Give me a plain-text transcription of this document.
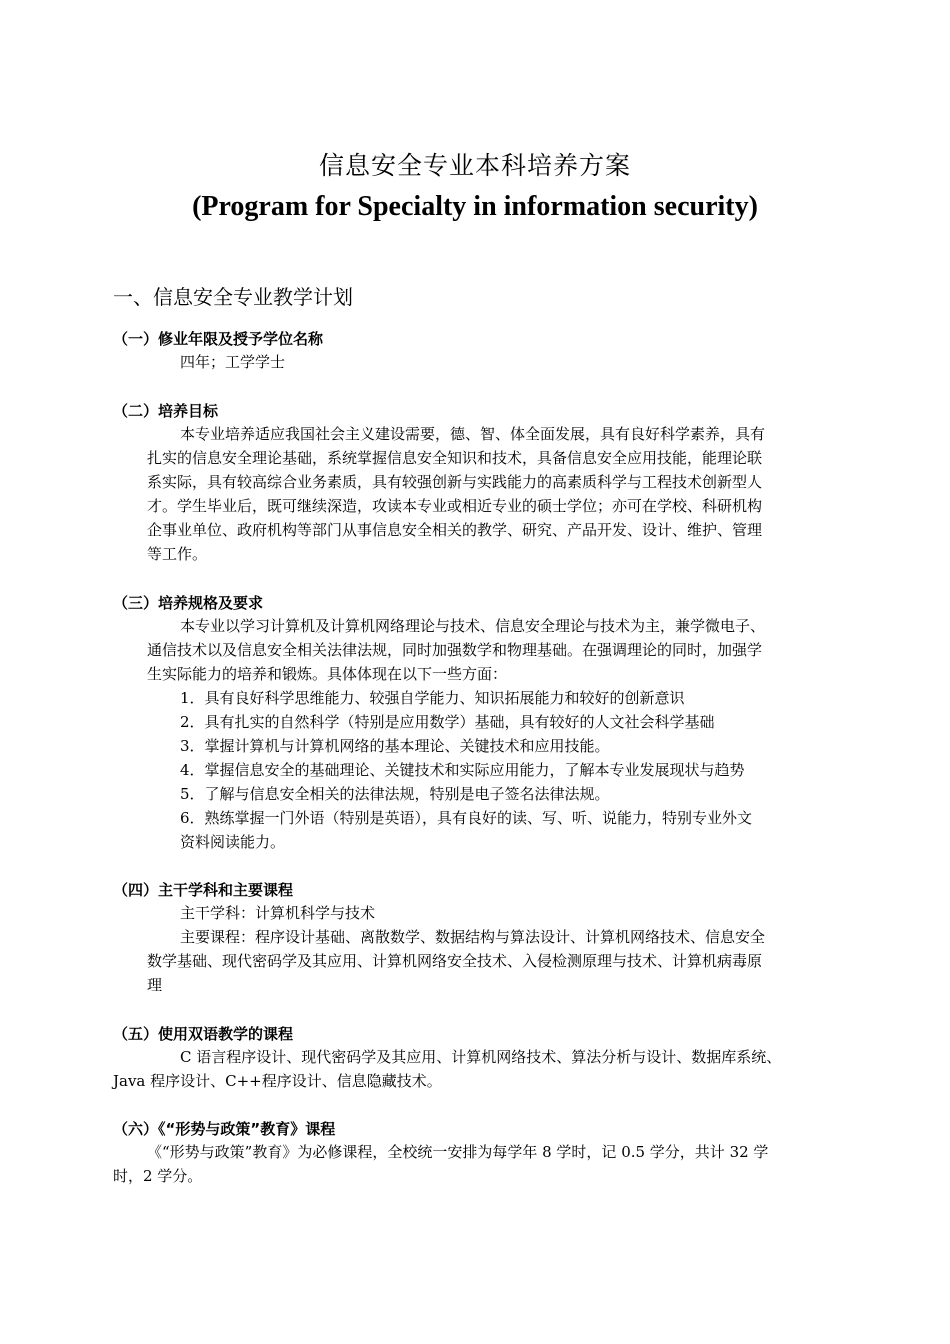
信息安全专业本科培养方案
(Program for Specialty in information security)
一、信息安全专业教学计划
（一）修业年限及授予学位名称
四年；工学学士
（二）培养目标
本专业培养适应我国社会主义建设需要，德、智、体全面发展，具有良好科学素养，具有
扎实的信息安全理论基础，系统掌握信息安全知识和技术，具备信息安全应用技能，能理论联
系实际，具有较高综合业务素质，具有较强创新与实践能力的高素质科学与工程技术创新型人
才。学生毕业后，既可继续深造，攻读本专业或相近专业的硕士学位；亦可在学校、科研机构
企事业单位、政府机构等部门从事信息安全相关的教学、研究、产品开发、设计、维护、管理
等工作。
（三）培养规格及要求
本专业以学习计算机及计算机网络理论与技术、信息安全理论与技术为主，兼学微电子、
通信技术以及信息安全相关法律法规，同时加强数学和物理基础。在强调理论的同时，加强学
生实际能力的培养和锻炼。具体体现在以下一些方面：
1．具有良好科学思维能力、较强自学能力、知识拓展能力和较好的创新意识
2．具有扎实的自然科学（特别是应用数学）基础，具有较好的人文社会科学基础
3．掌握计算机与计算机网络的基本理论、关键技术和应用技能。
4．掌握信息安全的基础理论、关键技术和实际应用能力，了解本专业发展现状与趋势
5．了解与信息安全相关的法律法规，特别是电子签名法律法规。
6．熟练掌握一门外语（特别是英语），具有良好的读、写、听、说能力，特别专业外文
资料阅读能力。
（四）主干学科和主要课程
主干学科：计算机科学与技术
主要课程：程序设计基础、离散数学、数据结构与算法设计、计算机网络技术、信息安全
数学基础、现代密码学及其应用、计算机网络安全技术、入侵检测原理与技术、计算机病毒原
理
（五）使用双语教学的课程
C 语言程序设计、现代密码学及其应用、计算机网络技术、算法分析与设计、数据库系统、
Java 程序设计、C++程序设计、信息隐藏技术。
（六）《“形势与政策”教育》课程
《“形势与政策”教育》为必修课程，全校统一安排为每学年 8 学时，记 0.5 学分，共计 32 学
时，2 学分。
